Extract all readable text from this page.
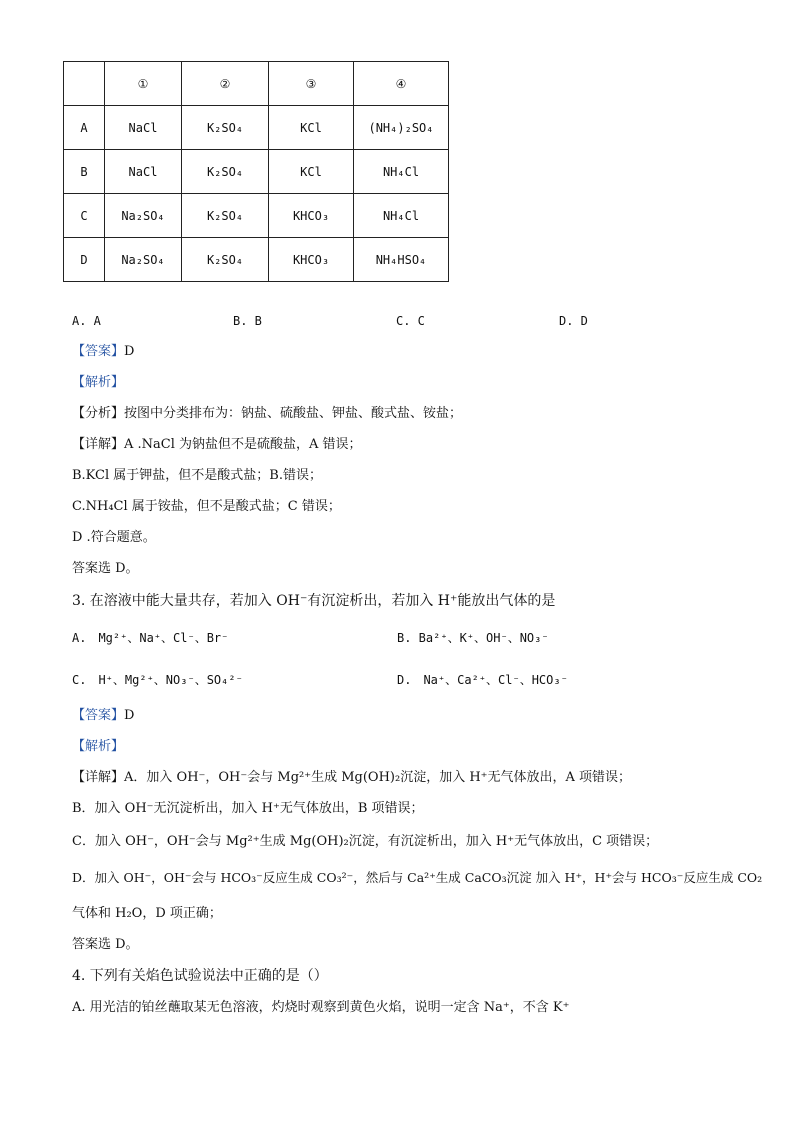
	①	②	③	④
A	NaCl	K₂SO₄	KCl	(NH₄)₂SO₄
B	NaCl	K₂SO₄	KCl	NH₄Cl
C	Na₂SO₄	K₂SO₄	KHCO₃	NH₄Cl
D	Na₂SO₄	K₂SO₄	KHCO₃	NH₄HSO₄
A. A	B. B	C. C	D. D
【答案】D
【解析】
【分析】按图中分类排布为：钠盐、硫酸盐、钾盐、酸式盐、铵盐；
【详解】A .NaCl 为钠盐但不是硫酸盐，A 错误；
B.KCl 属于钾盐，但不是酸式盐；B.错误；
C.NH₄Cl 属于铵盐，但不是酸式盐；C 错误；
D .符合题意。
答案选 D。
3. 在溶液中能大量共存，若加入 OH⁻有沉淀析出，若加入 H⁺能放出气体的是
A.　Mg²⁺、Na⁺、Cl⁻、Br⁻	B. Ba²⁺、K⁺、OH⁻、NO₃⁻
C.　H⁺、Mg²⁺、NO₃⁻、SO₄²⁻	D.　Na⁺、Ca²⁺、Cl⁻、HCO₃⁻
【答案】D
【解析】
【详解】A．加入 OH⁻，OH⁻会与 Mg²⁺生成 Mg(OH)₂沉淀，加入 H⁺无气体放出，A 项错误；
B．加入 OH⁻无沉淀析出，加入 H⁺无气体放出，B 项错误；
C．加入 OH⁻，OH⁻会与 Mg²⁺生成 Mg(OH)₂沉淀，有沉淀析出，加入 H⁺无气体放出，C 项错误；
D．加入 OH⁻，OH⁻会与 HCO₃⁻反应生成 CO₃²⁻，然后与 Ca²⁺生成 CaCO₃沉淀 加入 H⁺，H⁺会与 HCO₃⁻反应生成 CO₂
气体和 H₂O，D 项正确；
答案选 D。
4. 下列有关焰色试验说法中正确的是（）
A. 用光洁的铂丝蘸取某无色溶液，灼烧时观察到黄色火焰，说明一定含 Na⁺，不含 K⁺
